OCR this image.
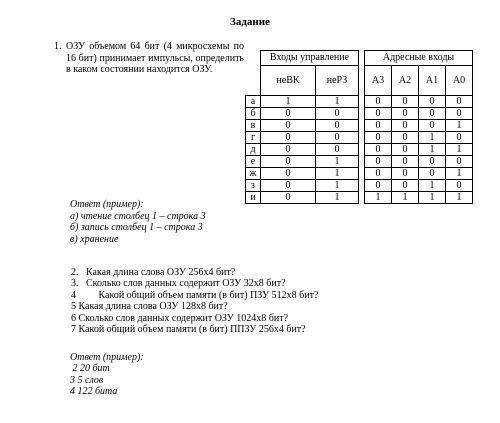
Задание
1. ОЗУ объемом 64 бит (4 микросхемы по 16 бит) принимает импульсы, определить в каком состоянии находится ОЗУ.
	Входы управление			Адресные входы			
	неВК	неРЗ		А3	А2	А1	А0
а	1	1		0	0	0	0
б	0	0		0	0	0	0
в	0	0		0	0	0	1
г	0	0		0	0	1	0
д	0	0		0	0	1	1
е	0	1		0	0	0	0
ж	0	1		0	0	0	1
з	0	1		0	0	1	0
и	0	1		1	1	1	1
Ответ (пример):
а) чтение столбец 1 – строка 3
б) запись столбец 1 – строка 3
в) хранение
2.   Какая длина слова ОЗУ 256х4 бит?
3.   Сколько слов данных содержит ОЗУ 32х8 бит?
4         Какой общий объем памяти (в бит) ПЗУ 512х8 бит?
5 Какая длина слова ОЗУ 128х8 бит?
6 Сколько слов данных содержит ОЗУ 1024х8 бит?
7 Какой общий объем памяти (в бит) ППЗУ 256х4 бит?
Ответ (пример):
2 20 бит
3 5 слов
4 122 бита
